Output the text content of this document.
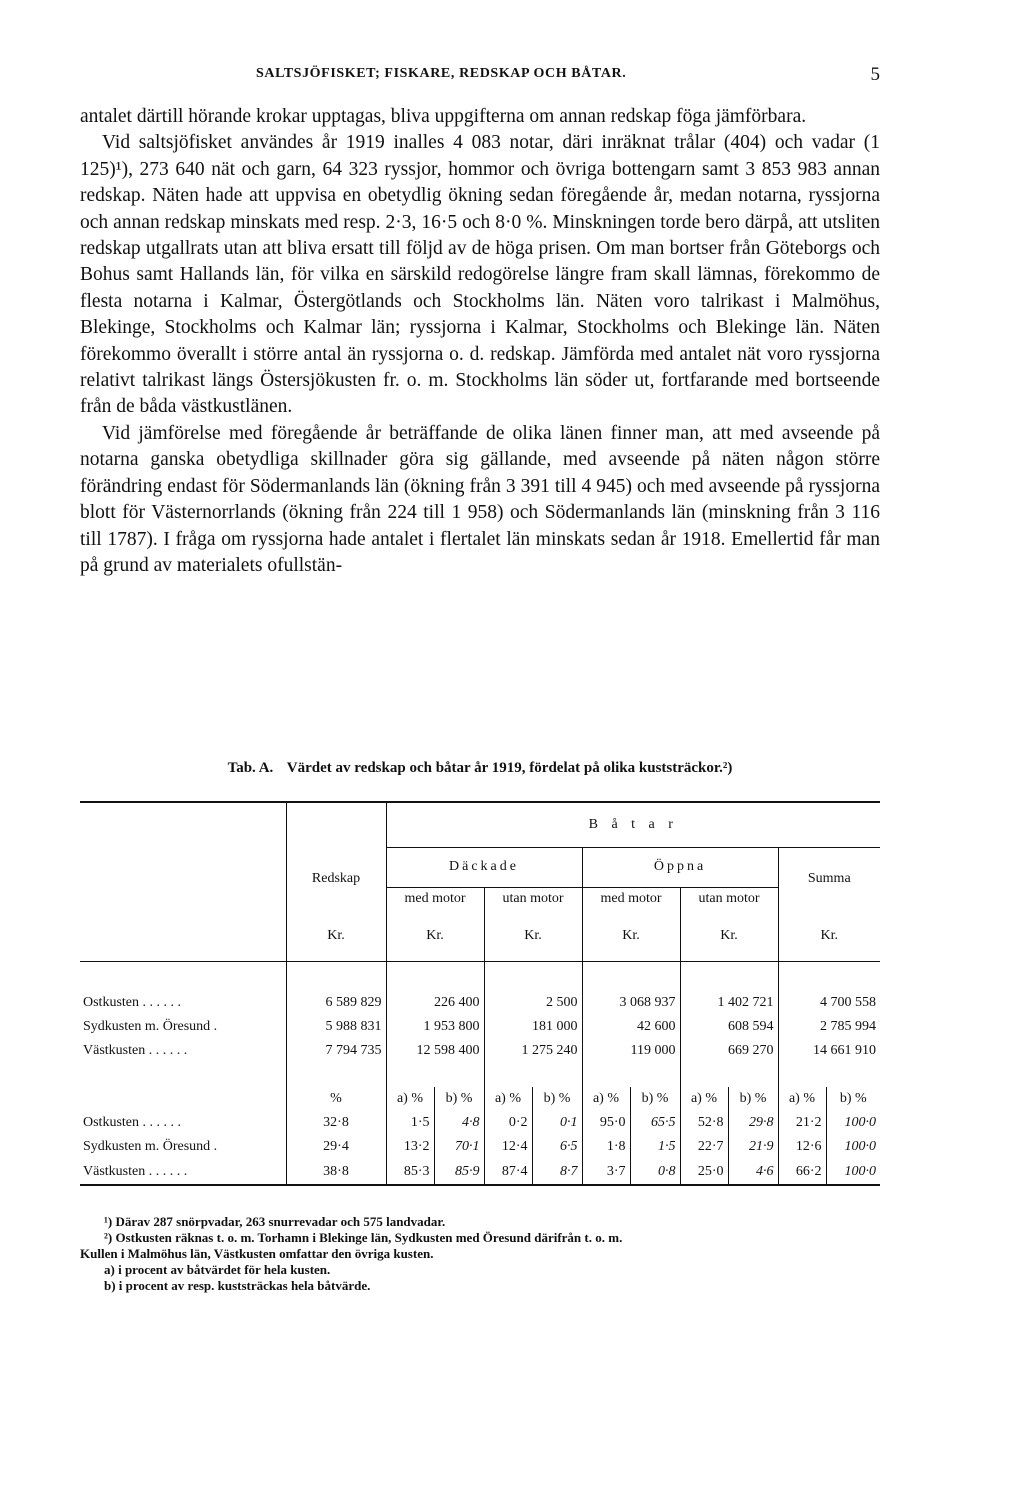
SALTSJÖFISKET; FISKARE, REDSKAP OCH BÅTAR.	5

antalet därtill hörande krokar upptagas, bliva uppgifterna om annan redskap föga jämförbara.

Vid saltsjöfisket användes år 1919 inalles 4 083 notar, däri inräknat trålar (404) och vadar (1 125)¹), 273 640 nät och garn, 64 323 ryssjor, hommor och övriga bottengarn samt 3 853 983 annan redskap. Näten hade att uppvisa en obetydlig ökning sedan föregående år, medan notarna, ryssjorna och annan redskap minskats med resp. 2·3, 16·5 och 8·0 %. Minskningen torde bero därpå, att utsliten redskap utgallrats utan att bliva ersatt till följd av de höga prisen. Om man bortser från Göteborgs och Bohus samt Hallands län, för vilka en särskild redogörelse längre fram skall lämnas, förekommo de flesta notarna i Kalmar, Östergötlands och Stockholms län. Näten voro talrikast i Malmöhus, Blekinge, Stockholms och Kalmar län; ryssjorna i Kalmar, Stockholms och Blekinge län. Näten förekommo överallt i större antal än ryssjorna o. d. redskap. Jämförda med antalet nät voro ryssjorna relativt talrikast längs Östersjökusten fr. o. m. Stockholms län söder ut, fortfarande med bortseende från de båda västkustlänen.

Vid jämförelse med föregående år beträffande de olika länen finner man, att med avseende på notarna ganska obetydliga skillnader göra sig gällande, med avseende på näten någon större förändring endast för Södermanlands län (ökning från 3 391 till 4 945) och med avseende på ryssjorna blott för Västernorrlands (ökning från 224 till 1 958) och Södermanlands län (minskning från 3 116 till 1787). I fråga om ryssjorna hade antalet i flertalet län minskats sedan år 1918. Emellertid får man på grund av materialets ofullstän-

Tab. A. Värdet av redskap och båtar år 1919, fördelat på olika kuststräckor.²)
		B å t a r									
	Redskap	Däckade				Öppna				Summa	
		med motor		utan motor		med motor		utan motor			
	Kr.	Kr.		Kr.		Kr.		Kr.		Kr.	

Ostkusten . . . . . .	6 589 829	226 400		2 500		3 068 937		1 402 721		4 700 558	
Sydkusten m. Öresund .	5 988 831	1 953 800		181 000		42 600		608 594		2 785 994	
Västkusten . . . . . .	7 794 735	12 598 400		1 275 240		119 000		669 270		14 661 910	

	%	a) %	b) %	a) %	b) %	a) %	b) %	a) %	b) %	a) %	b) %
Ostkusten . . . . . .	32·8	1·5	4·8	0·2	0·1	95·0	65·5	52·8	29·8	21·2	100·0
Sydkusten m. Öresund .	29·4	13·2	70·1	12·4	6·5	1·8	1·5	22·7	21·9	12·6	100·0
Västkusten . . . . . .	38·8	85·3	85·9	87·4	8·7	3·7	0·8	25·0	4·6	66·2	100·0
¹) Därav 287 snörpvadar, 263 snurrevadar och 575 landvadar.
²) Ostkusten räknas t. o. m. Torhamn i Blekinge län, Sydkusten med Öresund därifrån t. o. m.
Kullen i Malmöhus län, Västkusten omfattar den övriga kusten.
a) i procent av båtvärdet för hela kusten.
b) i procent av resp. kuststräckas hela båtvärde.
